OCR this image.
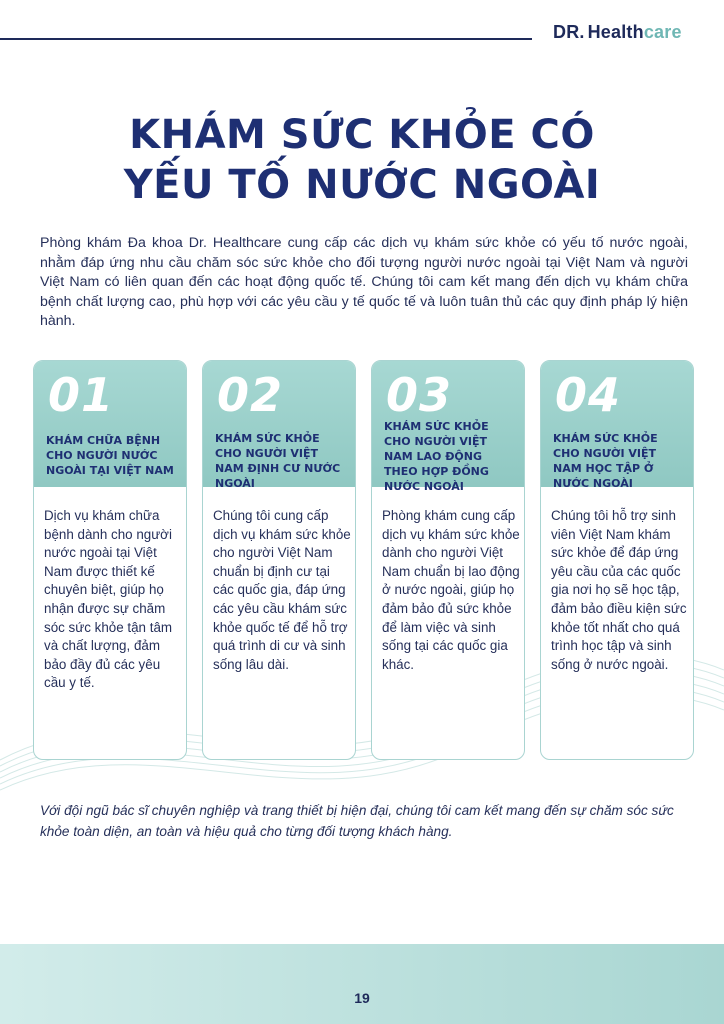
DR. Health care
KHÁM SỨC KHỎE CÓ
YẾU TỐ NƯỚC NGOÀI

Phòng khám Đa khoa Dr. Healthcare cung cấp các dịch vụ khám sức khỏe có yếu tố nước ngoài, nhằm đáp ứng nhu cầu chăm sóc sức khỏe cho đối tượng người nước ngoài tại Việt Nam và người Việt Nam có liên quan đến các hoạt động quốc tế. Chúng tôi cam kết mang đến dịch vụ khám chữa bệnh chất lượng cao, phù hợp với các yêu cầu y tế quốc tế và luôn tuân thủ các quy định pháp lý hiện hành.

01
KHÁM CHỮA BỆNH CHO NGƯỜI NƯỚC NGOÀI TẠI VIỆT NAM
Dịch vụ khám chữa bệnh dành cho người nước ngoài tại Việt Nam được thiết kế chuyên biệt, giúp họ nhận được sự chăm sóc sức khỏe tận tâm và chất lượng, đảm bảo đầy đủ các yêu cầu y tế.
02
KHÁM SỨC KHỎE CHO NGƯỜI VIỆT NAM ĐỊNH CƯ NƯỚC NGOÀI
Chúng tôi cung cấp dịch vụ khám sức khỏe cho người Việt Nam chuẩn bị định cư tại các quốc gia, đáp ứng các yêu cầu khám sức khỏe quốc tế để hỗ trợ quá trình di cư và sinh sống lâu dài.
03
KHÁM SỨC KHỎE CHO NGƯỜI VIỆT NAM LAO ĐỘNG THEO HỢP ĐỒNG NƯỚC NGOÀI
Phòng khám cung cấp dịch vụ khám sức khỏe dành cho người Việt Nam chuẩn bị lao động ở nước ngoài, giúp họ đảm bảo đủ sức khỏe để làm việc và sinh sống tại các quốc gia khác.
04
KHÁM SỨC KHỎE CHO NGƯỜI VIỆT NAM HỌC TẬP Ở NƯỚC NGOÀI
Chúng tôi hỗ trợ sinh viên Việt Nam khám sức khỏe để đáp ứng yêu cầu của các quốc gia nơi họ sẽ học tập, đảm bảo điều kiện sức khỏe tốt nhất cho quá trình học tập và sinh sống ở nước ngoài.

Với đội ngũ bác sĩ chuyên nghiệp và trang thiết bị hiện đại, chúng tôi cam kết mang đến sự chăm sóc sức khỏe toàn diện, an toàn và hiệu quả cho từng đối tượng khách hàng.

19
